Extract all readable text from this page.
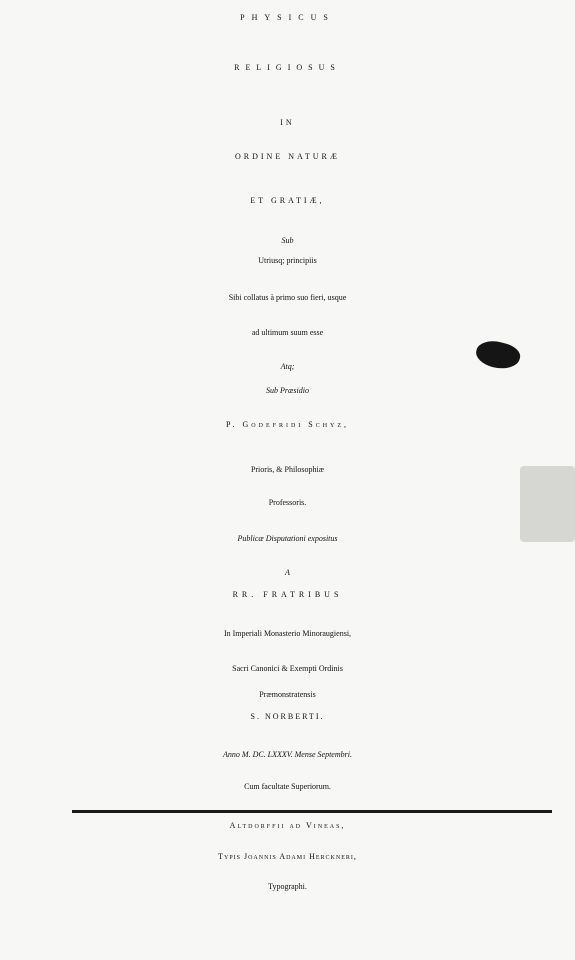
PHYSICUS
RELIGIOSUS
IN
ORDINE NATURÆ
ET GRATIÆ,
Sub
Utriusq; principiis
Sibi collatus à primo suo fieri, usque
ad ultimum suum esse
Atq;
Sub Præsidio
P. Godefridi Schyz,
Prioris, & Philosophiæ
Professoris.
Publicæ Disputationi expositus
A
RR. FRATRIBUS
In Imperiali Monasterio Minoraugiensi,
Sacri Canonici & Exempti Ordinis
Præmonstratensis
S. NORBERTI.
Anno M. DC. LXXXV. Mense Septembri.
Cum facultate Superiorum.
Altdorffii ad Vineas,
Typis Joannis Adami Herckneri,
Typographi.
